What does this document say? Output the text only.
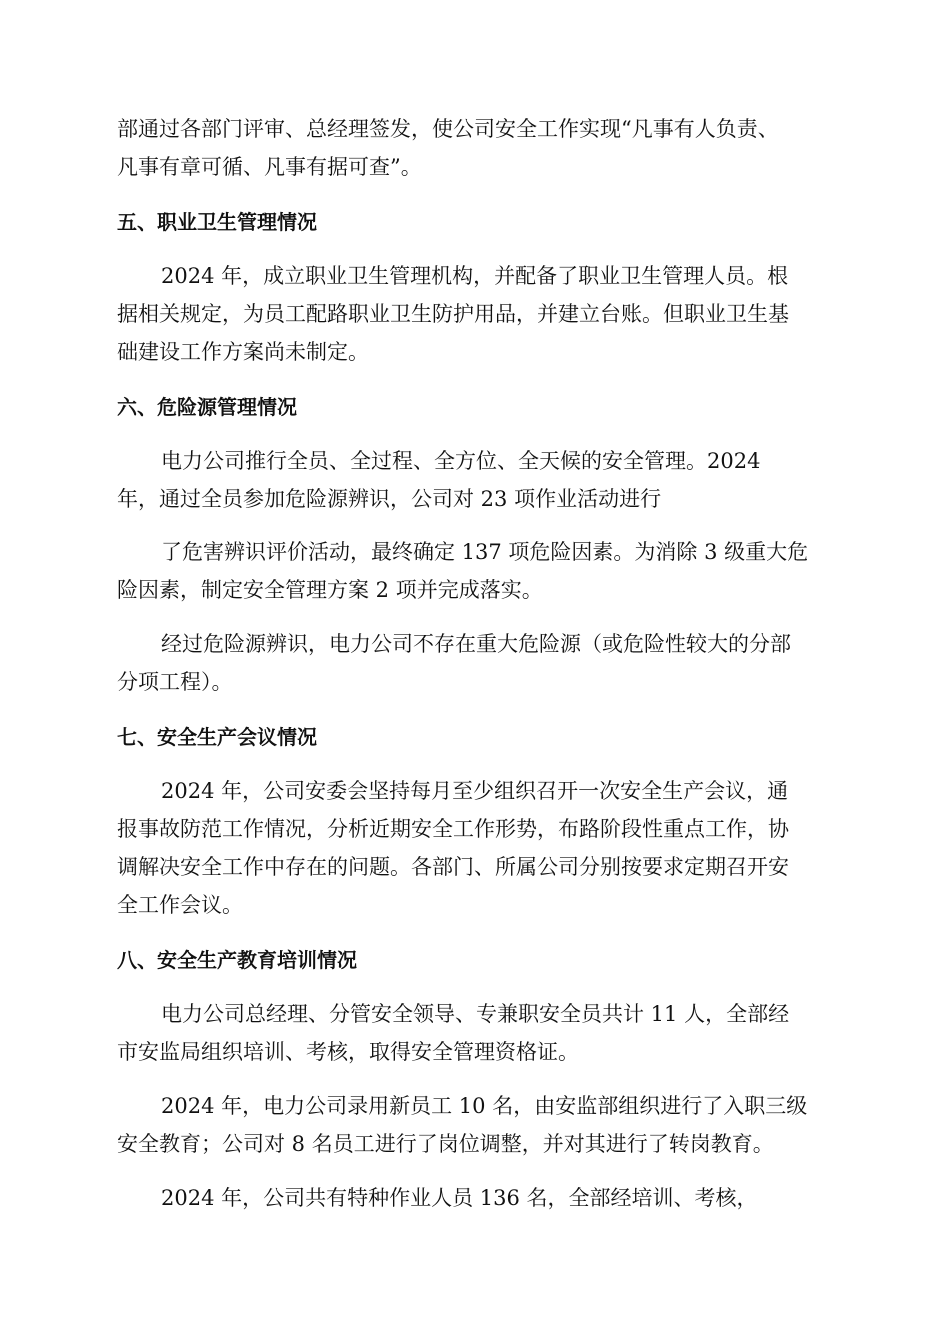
部通过各部门评审、总经理签发，使公司安全工作实现“凡事有人负责、
凡事有章可循、凡事有据可查”。
五、职业卫生管理情况
2024 年，成立职业卫生管理机构，并配备了职业卫生管理人员。根
据相关规定，为员工配路职业卫生防护用品，并建立台账。但职业卫生基
础建设工作方案尚未制定。
六、危险源管理情况
电力公司推行全员、全过程、全方位、全天候的安全管理。2024
年，通过全员参加危险源辨识，公司对 23 项作业活动进行
了危害辨识评价活动，最终确定 137 项危险因素。为消除 3 级重大危
险因素，制定安全管理方案 2 项并完成落实。
经过危险源辨识，电力公司不存在重大危险源（或危险性较大的分部
分项工程）。
七、安全生产会议情况
2024 年，公司安委会坚持每月至少组织召开一次安全生产会议，通
报事故防范工作情况，分析近期安全工作形势，布路阶段性重点工作，协
调解决安全工作中存在的问题。各部门、所属公司分别按要求定期召开安
全工作会议。
八、安全生产教育培训情况
电力公司总经理、分管安全领导、专兼职安全员共计 11 人，全部经
市安监局组织培训、考核，取得安全管理资格证。
2024 年，电力公司录用新员工 10 名，由安监部组织进行了入职三级
安全教育；公司对 8 名员工进行了岗位调整，并对其进行了转岗教育。
2024 年，公司共有特种作业人员 136 名，全部经培训、考核，
